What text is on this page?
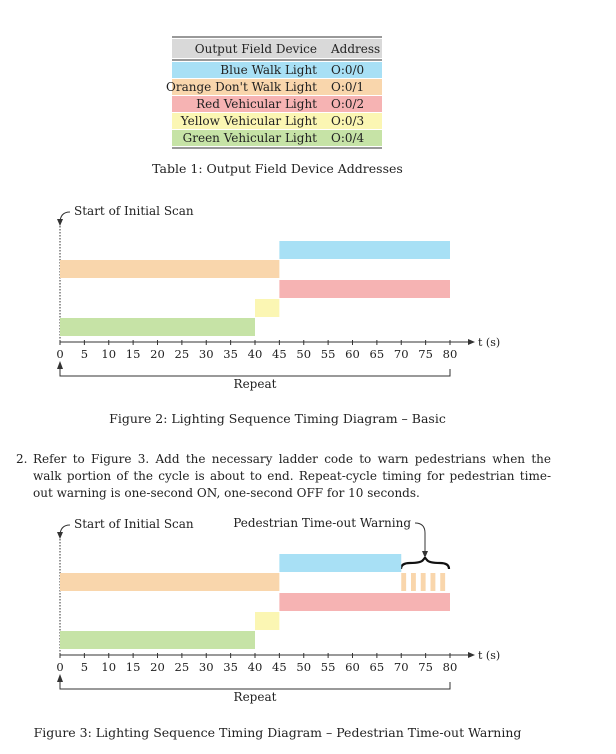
Output Field Device Address
Blue Walk Light O:0/0
Orange Don't Walk Light O:0/1
Red Vehicular Light O:0/2
Yellow Vehicular Light O:0/3
Green Vehicular Light O:0/4
Table 1: Output Field Device Addresses
Start of Initial Scan
t (s)
0 5 10 15 20 25 30 35 40 45 50 55 60 65 70 75 80
Repeat
Figure 2: Lighting Sequence Timing Diagram – Basic
2. Refer to Figure 3. Add the necessary ladder code to warn pedestrians when the walk portion of the cycle is about to end. Repeat-cycle timing for pedestrian time-out warning is one-second ON, one-second OFF for 10 seconds.
Start of Initial Scan	Pedestrian Time-out Warning
t (s)
0 5 10 15 20 25 30 35 40 45 50 55 60 65 70 75 80
Repeat
Figure 3: Lighting Sequence Timing Diagram – Pedestrian Time-out Warning
